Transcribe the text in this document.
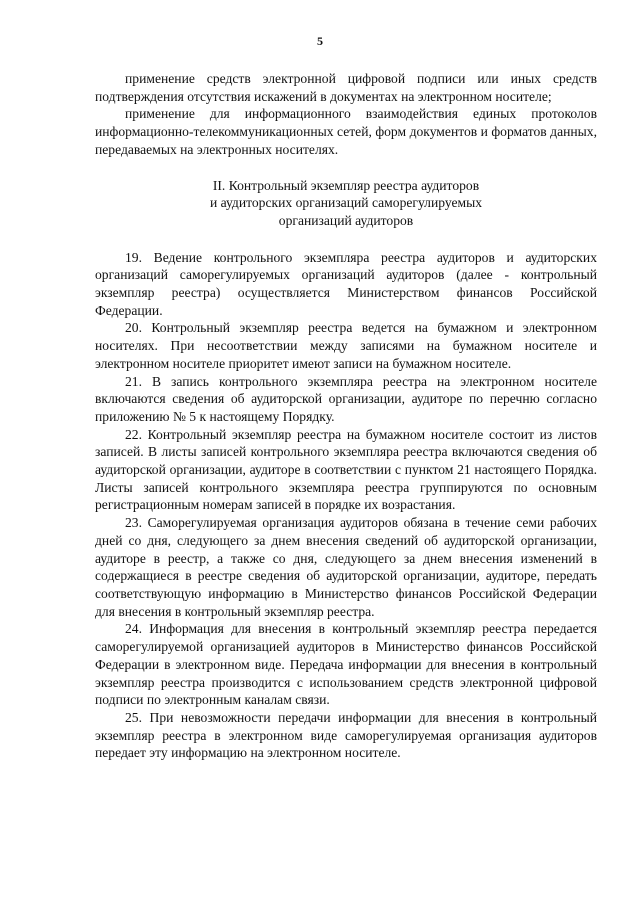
5

применение средств электронной цифровой подписи или иных средств подтверждения отсутствия искажений в документах на электронном носителе;

применение для информационного взаимодействия единых протоколов информационно-телекоммуникационных сетей, форм документов и форматов данных, передаваемых на электронных носителях.

II. Контрольный экземпляр реестра аудиторов
и аудиторских организаций саморегулируемых
организаций аудиторов

19. Ведение контрольного экземпляра реестра аудиторов и аудиторских организаций саморегулируемых организаций аудиторов (далее - контрольный экземпляр реестра) осуществляется Министерством финансов Российской Федерации.

20. Контрольный экземпляр реестра ведется на бумажном и электронном носителях. При несоответствии между записями на бумажном носителе и электронном носителе приоритет имеют записи на бумажном носителе.

21. В запись контрольного экземпляра реестра на электронном носителе включаются сведения об аудиторской организации, аудиторе по перечню согласно приложению № 5 к настоящему Порядку.

22. Контрольный экземпляр реестра на бумажном носителе состоит из листов записей. В листы записей контрольного экземпляра реестра включаются сведения об аудиторской организации, аудиторе в соответствии с пунктом 21 настоящего Порядка. Листы записей контрольного экземпляра реестра группируются по основным регистрационным номерам записей в порядке их возрастания.

23. Саморегулируемая организация аудиторов обязана в течение семи рабочих дней со дня, следующего за днем внесения сведений об аудиторской организации, аудиторе в реестр, а также со дня, следующего за днем внесения изменений в содержащиеся в реестре сведения об аудиторской организации, аудиторе, передать соответствующую информацию в Министерство финансов Российской Федерации для внесения в контрольный экземпляр реестра.

24. Информация для внесения в контрольный экземпляр реестра передается саморегулируемой организацией аудиторов в Министерство финансов Российской Федерации в электронном виде. Передача информации для внесения в контрольный экземпляр реестра производится с использованием средств электронной цифровой подписи по электронным каналам связи.

25. При невозможности передачи информации для внесения в контрольный экземпляр реестра в электронном виде саморегулируемая организация аудиторов передает эту информацию на электронном носителе.
